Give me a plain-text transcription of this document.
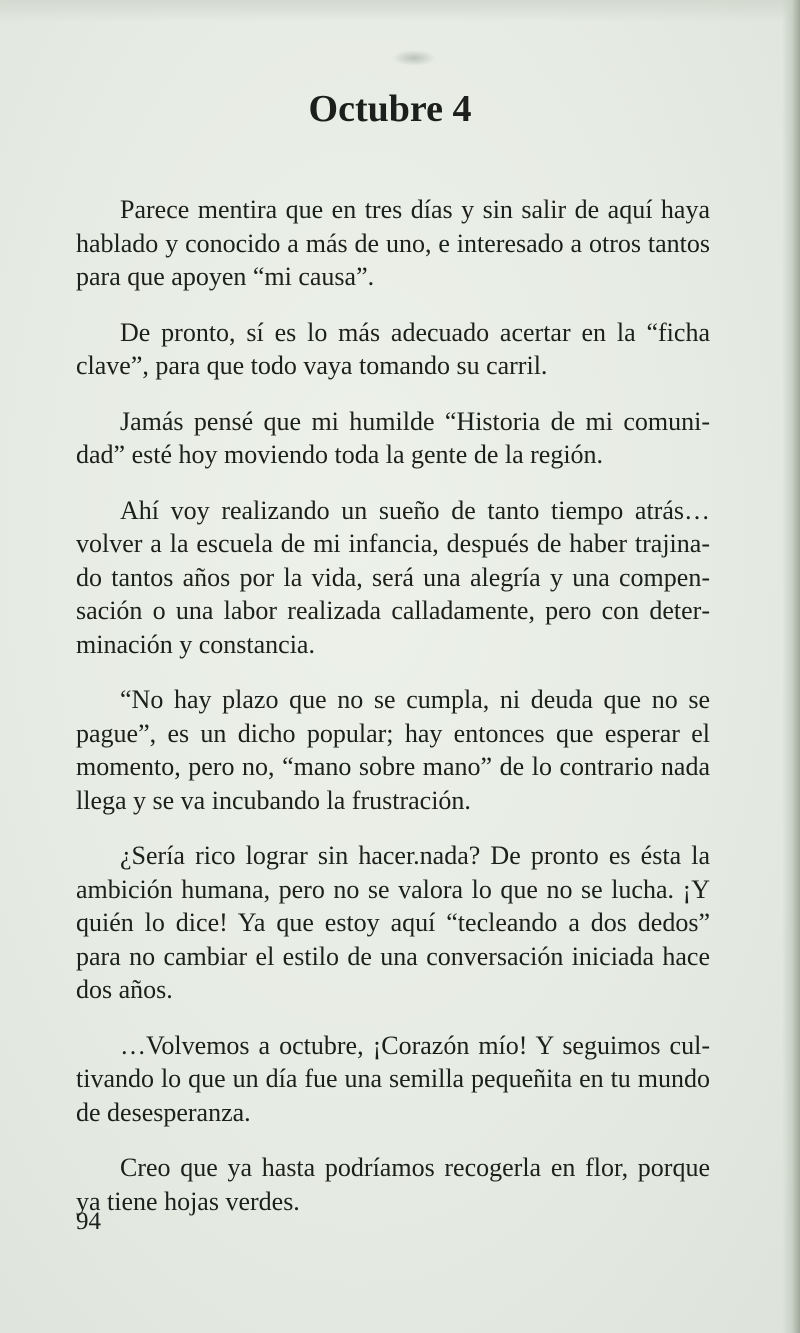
Octubre 4

Parece mentira que en tres días y sin salir de aquí haya hablado y conocido a más de uno, e interesado a otros tantos para que apoyen “mi causa”.

De pronto, sí es lo más adecuado acertar en la “ficha clave”, para que todo vaya tomando su carril.

Jamás pensé que mi humilde “Historia de mi comunidad” esté hoy moviendo toda la gente de la región.

Ahí voy realizando un sueño de tanto tiempo atrás… volver a la escuela de mi infancia, después de haber trajinado tantos años por la vida, será una alegría y una compensación o una labor realizada calladamente, pero con determinación y constancia.

“No hay plazo que no se cumpla, ni deuda que no se pague”, es un dicho popular; hay entonces que esperar el momento, pero no, “mano sobre mano” de lo contrario nada llega y se va incubando la frustración.

¿Sería rico lograr sin hacer.nada? De pronto es ésta la ambición humana, pero no se valora lo que no se lucha. ¡Y quién lo dice! Ya que estoy aquí “tecleando a dos dedos” para no cambiar el estilo de una conversación iniciada hace dos años.

…Volvemos a octubre, ¡Corazón mío! Y seguimos cultivando lo que un día fue una semilla pequeñita en tu mundo de desesperanza.

Creo que ya hasta podríamos recogerla en flor, porque ya tiene hojas verdes.

94
